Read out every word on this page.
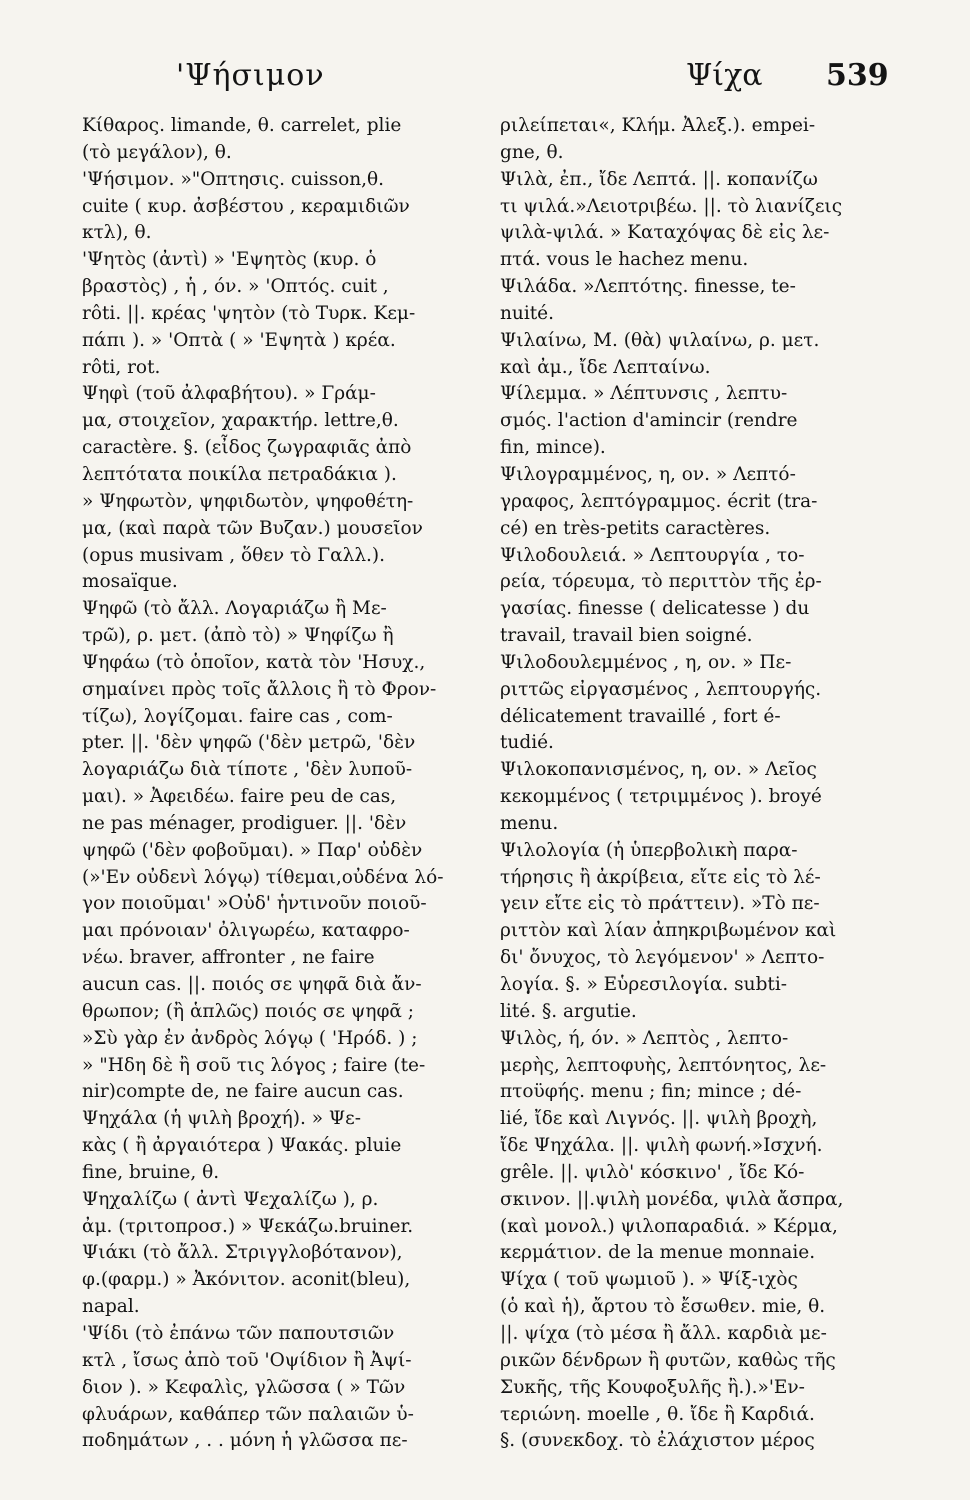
'Ψήσιμον	Ψίχα 539
Κίθαρος. limande, θ. carrelet, plie
(τὸ μεγάλον), θ.
'Ψήσιμον. »"Οπτησις. cuisson,θ.
cuite ( κυρ. ἀσβέστου , κεραμιδιῶν
κτλ), θ.
'Ψητὸς (ἀντὶ) » 'Εψητὸς (κυρ. ὁ
βραστὸς) , ἡ , όν. » 'Οπτός. cuit ,
rôti. ||. κρέας 'ψητὸν (τὸ Τυρκ. Κεμ-
πάπι ). » 'Οπτὰ ( » 'Εψητὰ ) κρέα.
rôti, rot.
Ψηφὶ (τοῦ ἀλφαβήτου). » Γράμ-
μα, στοιχεῖον, χαρακτήρ. lettre,θ.
caractère. §. (εἶδος ζωγραφιᾶς ἀπὸ
λεπτότατα ποικίλα πετραδάκια ).
» Ψηφωτὸν, ψηφιδωτὸν, ψηφοθέτη-
μα, (καὶ παρὰ τῶν Βυζαν.) μουσεῖον
(opus musivam , ὅθεν τὸ Γαλλ.).
mosaïque.
Ψηφῶ (τὸ ἄλλ. Λογαριάζω ἢ Με-
τρῶ), ρ. μετ. (ἀπὸ τὸ) » Ψηφίζω ἢ
Ψηφάω (τὸ ὁποῖον, κατὰ τὸν 'Ησυχ.,
σημαίνει πρὸς τοῖς ἄλλοις ἢ τὸ Φρον-
τίζω), λογίζομαι. faire cas , com-
pter. ||. 'δὲν ψηφῶ ('δὲν μετρῶ, 'δὲν
λογαριάζω διὰ τίποτε , 'δὲν λυποῦ-
μαι). » Ἀφειδέω. faire peu de cas,
ne pas ménager, prodiguer. ||. 'δὲν
ψηφῶ ('δὲν φοβοῦμαι). » Παρ' οὐδὲν
(»'Εν οὐδενὶ λόγῳ) τίθεμαι,οὐδένα λό-
γον ποιοῦμαι' »Οὐδ' ἡντινοῦν ποιοῦ-
μαι πρόνοιαν' ὀλιγωρέω, καταφρο-
νέω. braver, affronter , ne faire
aucun cas. ||. ποιός σε ψηφᾶ διὰ ἄν-
θρωπον; (ἢ ἁπλῶς) ποιός σε ψηφᾶ ;
»Σὺ γὰρ ἐν ἀνδρὸς λόγῳ ( 'Ηρόδ. ) ;
» "Ηδη δὲ ἢ σοῦ τις λόγος ; faire (te-
nir)compte de, ne faire aucun cas.
Ψηχάλα (ἡ ψιλὴ βροχή). » Ψε-
κὰς ( ἢ ἀργαιότερα ) Ψακάς. pluie
fine, bruine, θ.
Ψηχαλίζω ( ἀντὶ Ψεχαλίζω ), ρ.
ἀμ. (τριτοπροσ.) » Ψεκάζω.bruiner.
Ψιάκι (τὸ ἄλλ. Στριγγλοβότανον),
φ.(φαρμ.) » Ἀκόνιτον. aconit(bleu),
napal.
'Ψίδι (τὸ ἐπάνω τῶν παπουτσιῶν
κτλ , ἴσως ἀπὸ τοῦ 'Οψίδιον ἢ Ἀψί-
διον ). » Κεφαλὶς, γλῶσσα ( » Τῶν
φλυάρων, καθάπερ τῶν παλαιῶν ὑ-
ποδημάτων , . . μόνη ἡ γλῶσσα πε-
ριλείπεται«, Κλήμ. Ἀλεξ.). empei-
gne, θ.
Ψιλὰ, ἐπ., ἴδε Λεπτά. ||. κοπανίζω
τι ψιλά.»Λειοτριβέω. ||. τὸ λιανίζεις
ψιλὰ-ψιλά. » Καταχόψας δὲ εἰς λε-
πτά. vous le hachez menu.
Ψιλάδα. »Λεπτότης. finesse, te-
nuité.
Ψιλαίνω, Μ. (θὰ) ψιλαίνω, ρ. μετ.
καὶ ἀμ., ἴδε Λεπταίνω.
Ψίλεμμα. » Λέπτυνσις , λεπτυ-
σμός. l'action d'amincir (rendre
fin, mince).
Ψιλογραμμένος, η, ον. » Λεπτό-
γραφος, λεπτόγραμμος. écrit (tra-
cé) en très-petits caractères.
Ψιλοδουλειά. » Λεπτουργία , το-
ρεία, τόρευμα, τὸ περιττὸν τῆς ἐρ-
γασίας. finesse ( delicatesse ) du
travail, travail bien soigné.
Ψιλοδουλεμμένος , η, ον. » Πε-
ριττῶς εἰργασμένος , λεπτουργής.
délicatement travaillé , fort é-
tudié.
Ψιλοκοπανισμένος, η, ον. » Λεῖος
κεκομμένος ( τετριμμένος ). broyé
menu.
Ψιλολογία (ἡ ὑπερβολικὴ παρα-
τήρησις ἢ ἀκρίβεια, εἴτε εἰς τὸ λέ-
γειν εἴτε εἰς τὸ πράττειν). »Τὸ πε-
ριττὸν καὶ λίαν ἀπηκριβωμένον καὶ
δι' ὄνυχος, τὸ λεγόμενον' » Λεπτο-
λογία. §. » Εὑρεσιλογία. subti-
lité. §. argutie.
Ψιλὸς, ή, όν. » Λεπτὸς , λεπτο-
μερὴς, λεπτοφυὴς, λεπτόνητος, λε-
πτοϋφής. menu ; fin; mince ; dé-
lié, ἴδε καὶ Λιγνός. ||. ψιλὴ βροχὴ,
ἴδε Ψηχάλα. ||. ψιλὴ φωνή.»Ισχνή.
grêle. ||. ψιλὸ' κόσκινο' , ἴδε Κό-
σκινον. ||.ψιλὴ μονέδα, ψιλὰ ἄσπρα,
(καὶ μονολ.) ψιλοπαραδιά. » Κέρμα,
κερμάτιον. de la menue monnaie.
Ψίχα ( τοῦ ψωμιοῦ ). » Ψίξ-ιχὸς
(ὁ καὶ ἡ), ἄρτου τὸ ἔσωθεν. mie, θ.
||. ψίχα (τὸ μέσα ἢ ἄλλ. καρδιὰ με-
ρικῶν δένδρων ἢ φυτῶν, καθὼς τῆς
Συκῆς, τῆς Κουφοξυλῆς ἢ.).»'Εν-
τεριώνη. moelle , θ. ἴδε ἢ Καρδιά.
§. (συνεκδοχ. τὸ ἐλάχιστον μέρος
